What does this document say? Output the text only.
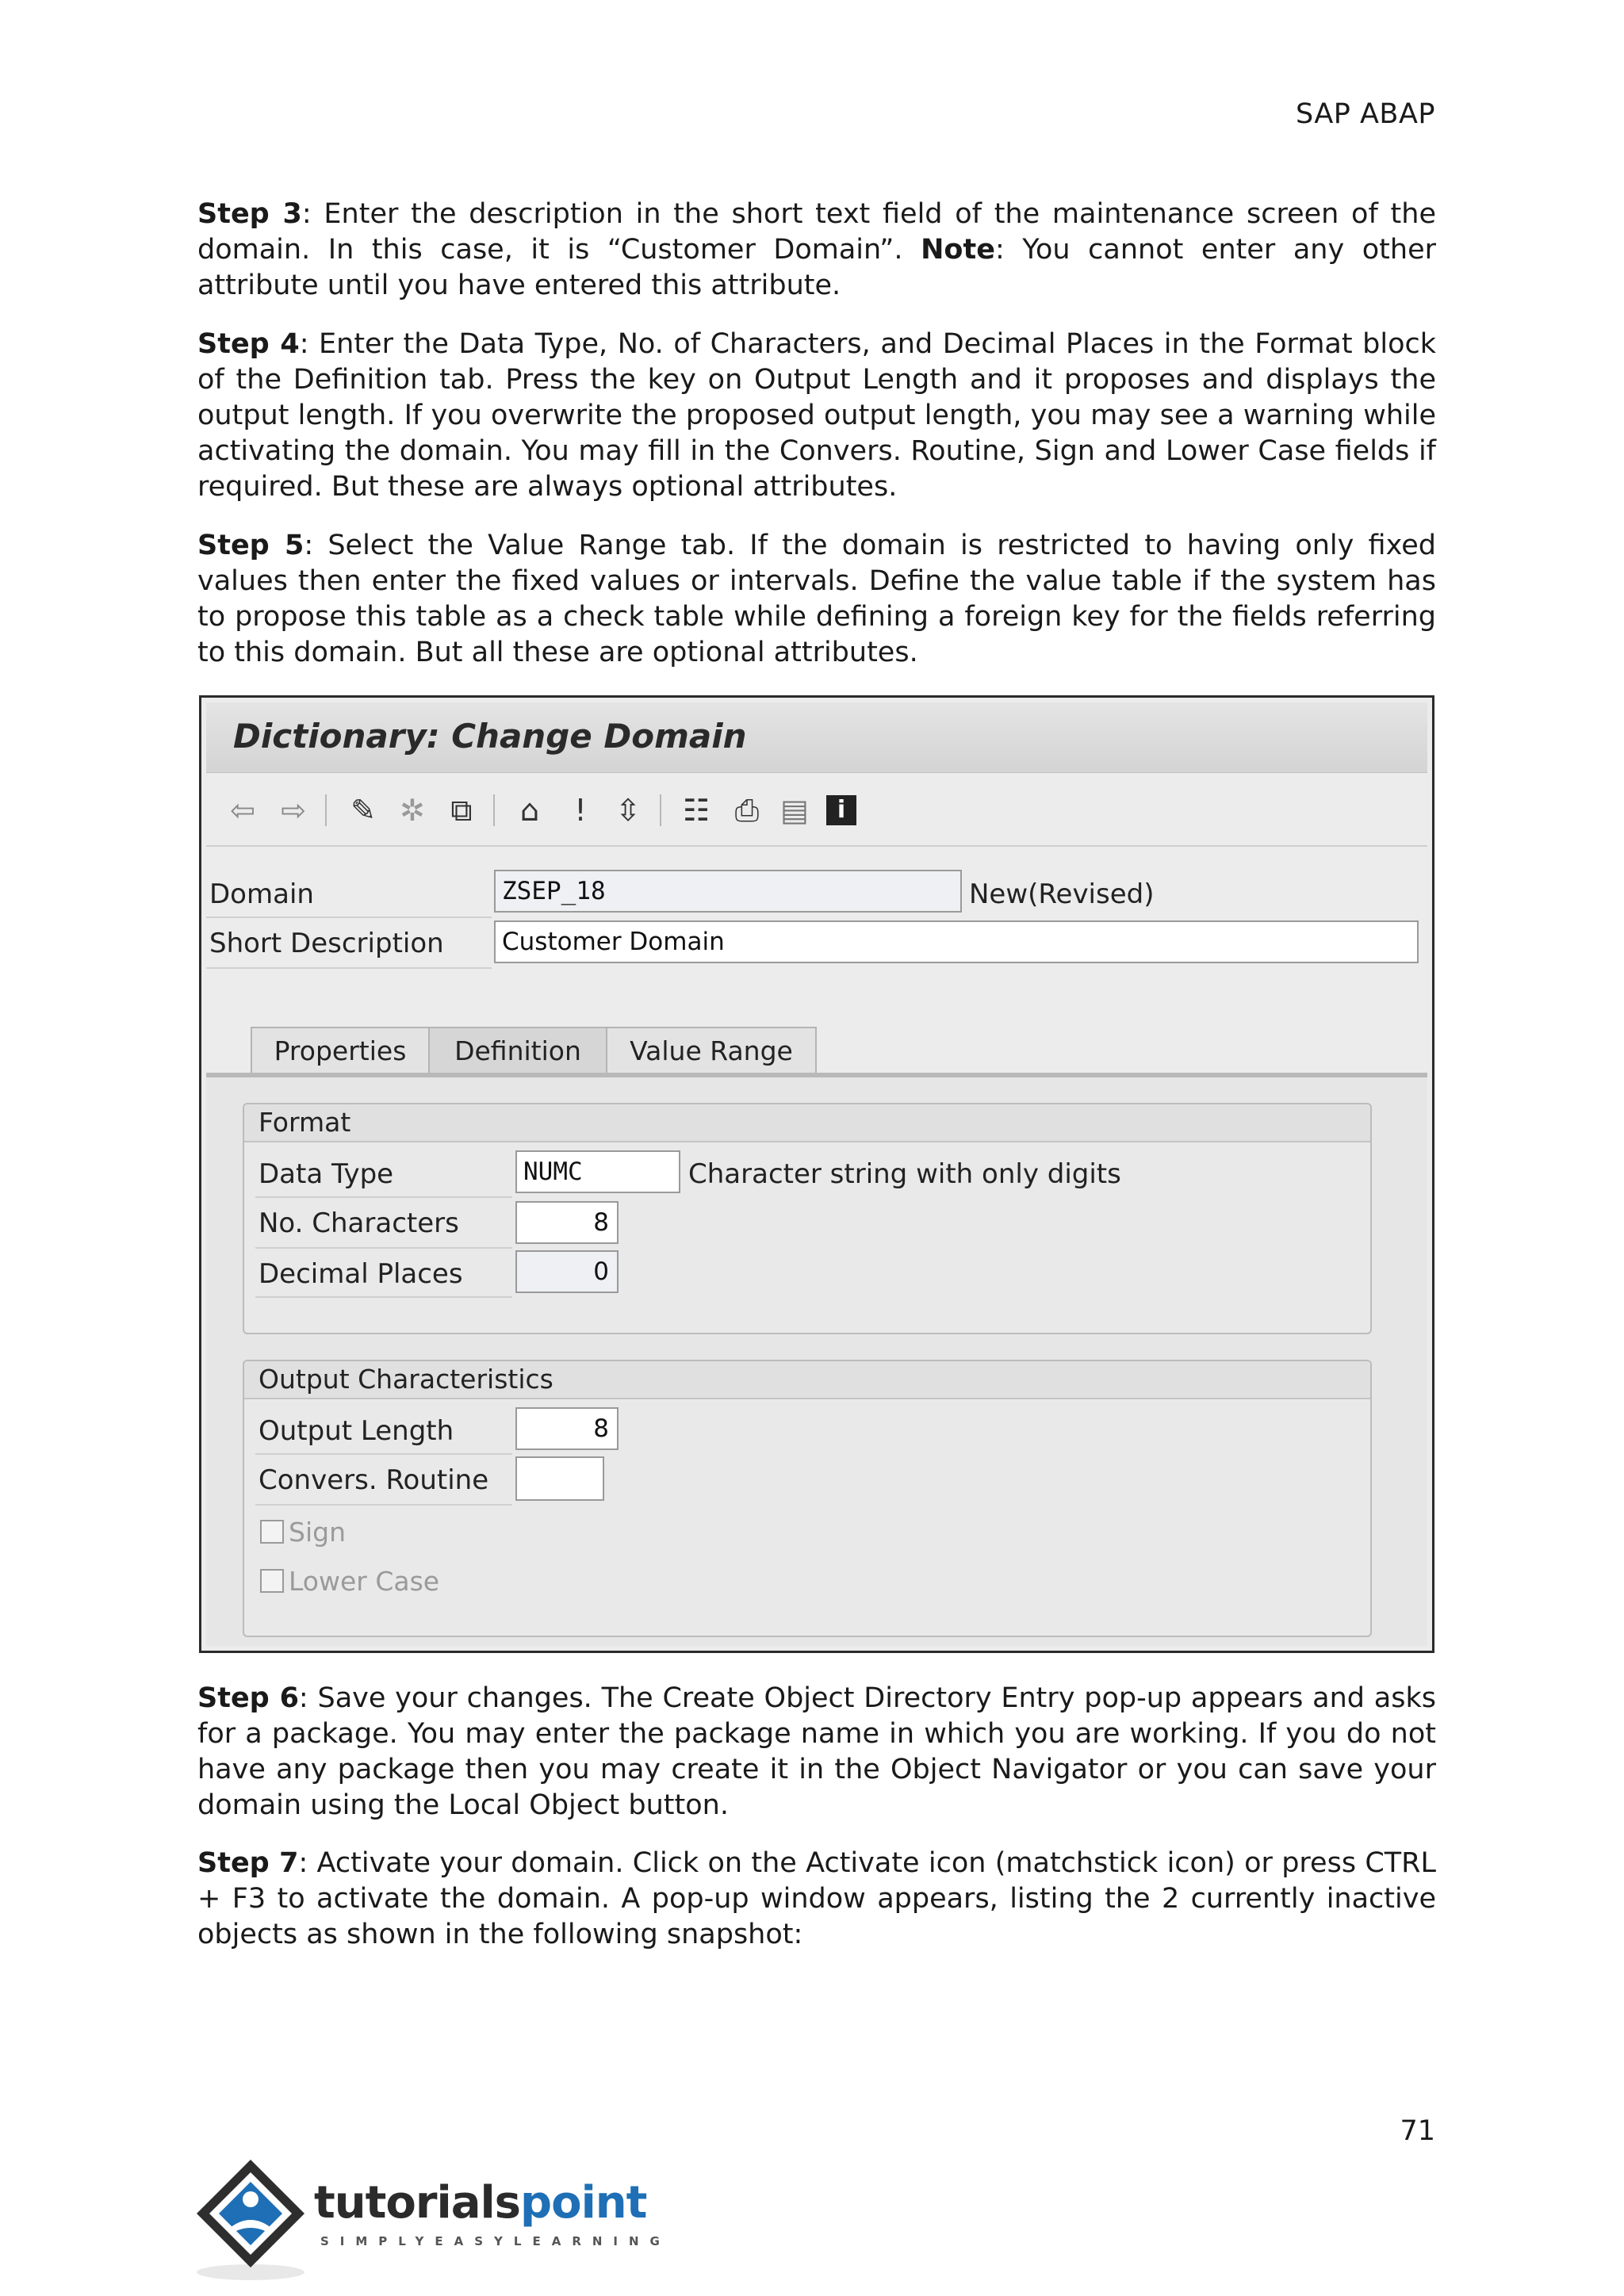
SAP ABAP
Step 3: Enter the description in the short text field of the maintenance screen of the domain. In this case, it is “Customer Domain”. Note: You cannot enter any other attribute until you have entered this attribute.
Step 4: Enter the Data Type, No. of Characters, and Decimal Places in the Format block of the Definition tab. Press the key on Output Length and it proposes and displays the output length. If you overwrite the proposed output length, you may see a warning while activating the domain. You may fill in the Convers. Routine, Sign and Lower Case fields if required. But these are always optional attributes.
Step 5: Select the Value Range tab. If the domain is restricted to having only fixed values then enter the fixed values or intervals. Define the value table if the system has to propose this table as a check table while defining a foreign key for the fields referring to this domain. But all these are optional attributes.
Dictionary: Change Domain
⇦ ⇨ ✎ ✲ ⧉ ⌂	ǃ	⇳ ☷ ⎙ ▤	i
Domain	ZSEP_18	New(Revised)
Short Description	Customer Domain
Properties	Definition	Value Range
Format
Data Type	NUMC	Character string with only digits
No. Characters	8
Decimal Places	0
Output Characteristics
Output Length	8
Convers. Routine
Sign
Lower Case
Step 6: Save your changes. The Create Object Directory Entry pop-up appears and asks for a package. You may enter the package name in which you are working. If you do not have any package then you may create it in the Object Navigator or you can save your domain using the Local Object button.
Step 7: Activate your domain. Click on the Activate icon (matchstick icon) or press CTRL + F3 to activate the domain. A pop-up window appears, listing the 2 currently inactive objects as shown in the following snapshot:
71
tutorialspoint
SIMPLYEASYLEARNING
